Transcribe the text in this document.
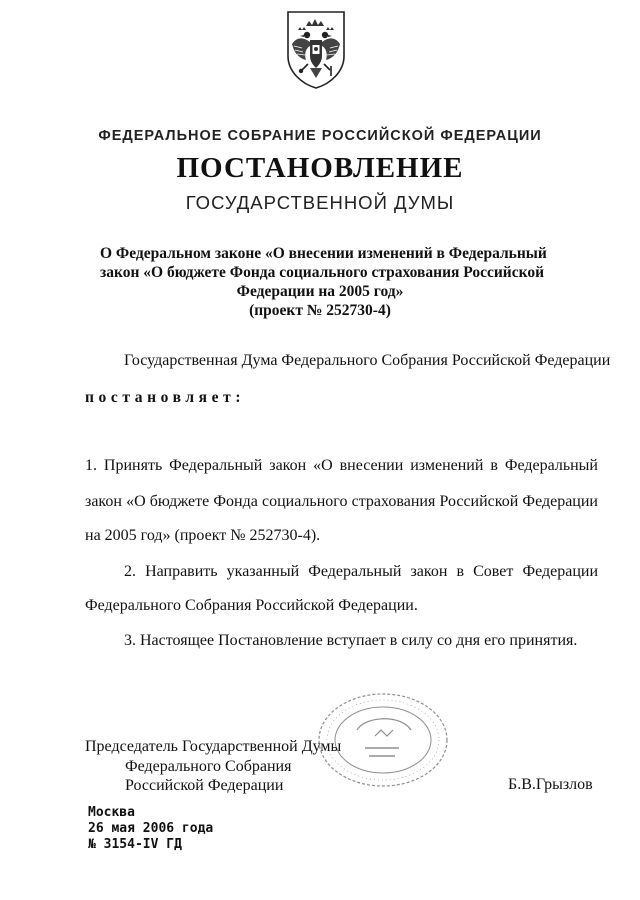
ФЕДЕРАЛЬНОЕ СОБРАНИЕ РОССИЙСКОЙ ФЕДЕРАЦИИ
ПОСТАНОВЛЕНИЕ
ГОСУДАРСТВЕННОЙ ДУМЫ
О Федеральном законе «О внесении изменений в Федеральный
закон «О бюджете Фонда социального страхования Российской
Федерации на 2005 год»
(проект № 252730-4)
Государственная Дума Федерального Собрания Российской Федерации
постановляет:
1. Принять Федеральный закон «О внесении изменений в Федеральный
закон «О бюджете Фонда социального страхования Российской Федерации
на 2005 год» (проект № 252730-4).
2. Направить указанный Федеральный закон в Совет Федерации
Федерального Собрания Российской Федерации.
3. Настоящее Постановление вступает в силу со дня его принятия.
Председатель Государственной Думы
Федерального Собрания
Российской Федерации	Б.В.Грызлов
Москва
26 мая 2006 года
№ 3154-IV ГД
